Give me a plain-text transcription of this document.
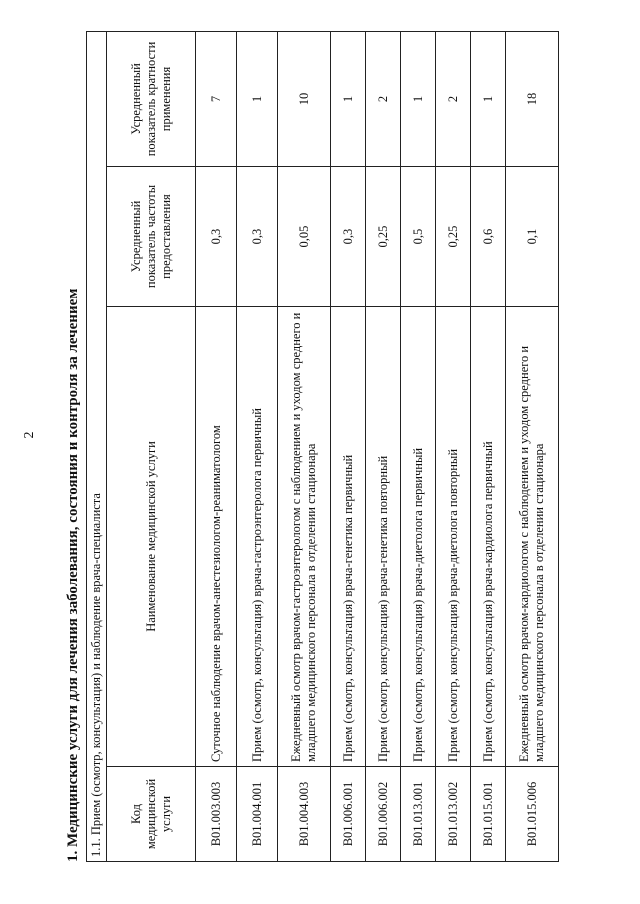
2	1. Медицинские услуги для лечения заболевания, состояния и контроля за лечением 1.1. Прием (осмотр, консультация) и наблюдение врача-специалиста			
Код медицинской услуги	Наименование медицинской услуги	Усредненный показатель частоты предоставления	Усредненный показатель кратности применения
B01.003.003	Суточное наблюдение врачом-анестезиологом-реаниматологом	0,3	7
B01.004.001	Прием (осмотр, консультация) врача-гастроэнтеролога первичный	0,3	1
B01.004.003	Ежедневный осмотр врачом-гастроэнтерологом с наблюдением и уходом среднего и младшего медицинского персонала в отделении стационара	0,05	10
B01.006.001	Прием (осмотр, консультация) врача-генетика первичный	0,3	1
B01.006.002	Прием (осмотр, консультация) врача-генетика повторный	0,25	2
B01.013.001	Прием (осмотр, консультация) врача-диетолога первичный	0,5	1
B01.013.002	Прием (осмотр, консультация) врача-диетолога повторный	0,25	2
B01.015.001	Прием (осмотр, консультация) врача-кардиолога первичный	0,6	1
B01.015.006	Ежедневный осмотр врачом-кардиологом с наблюдением и уходом среднего и младшего медицинского персонала в отделении стационара	0,1	18
